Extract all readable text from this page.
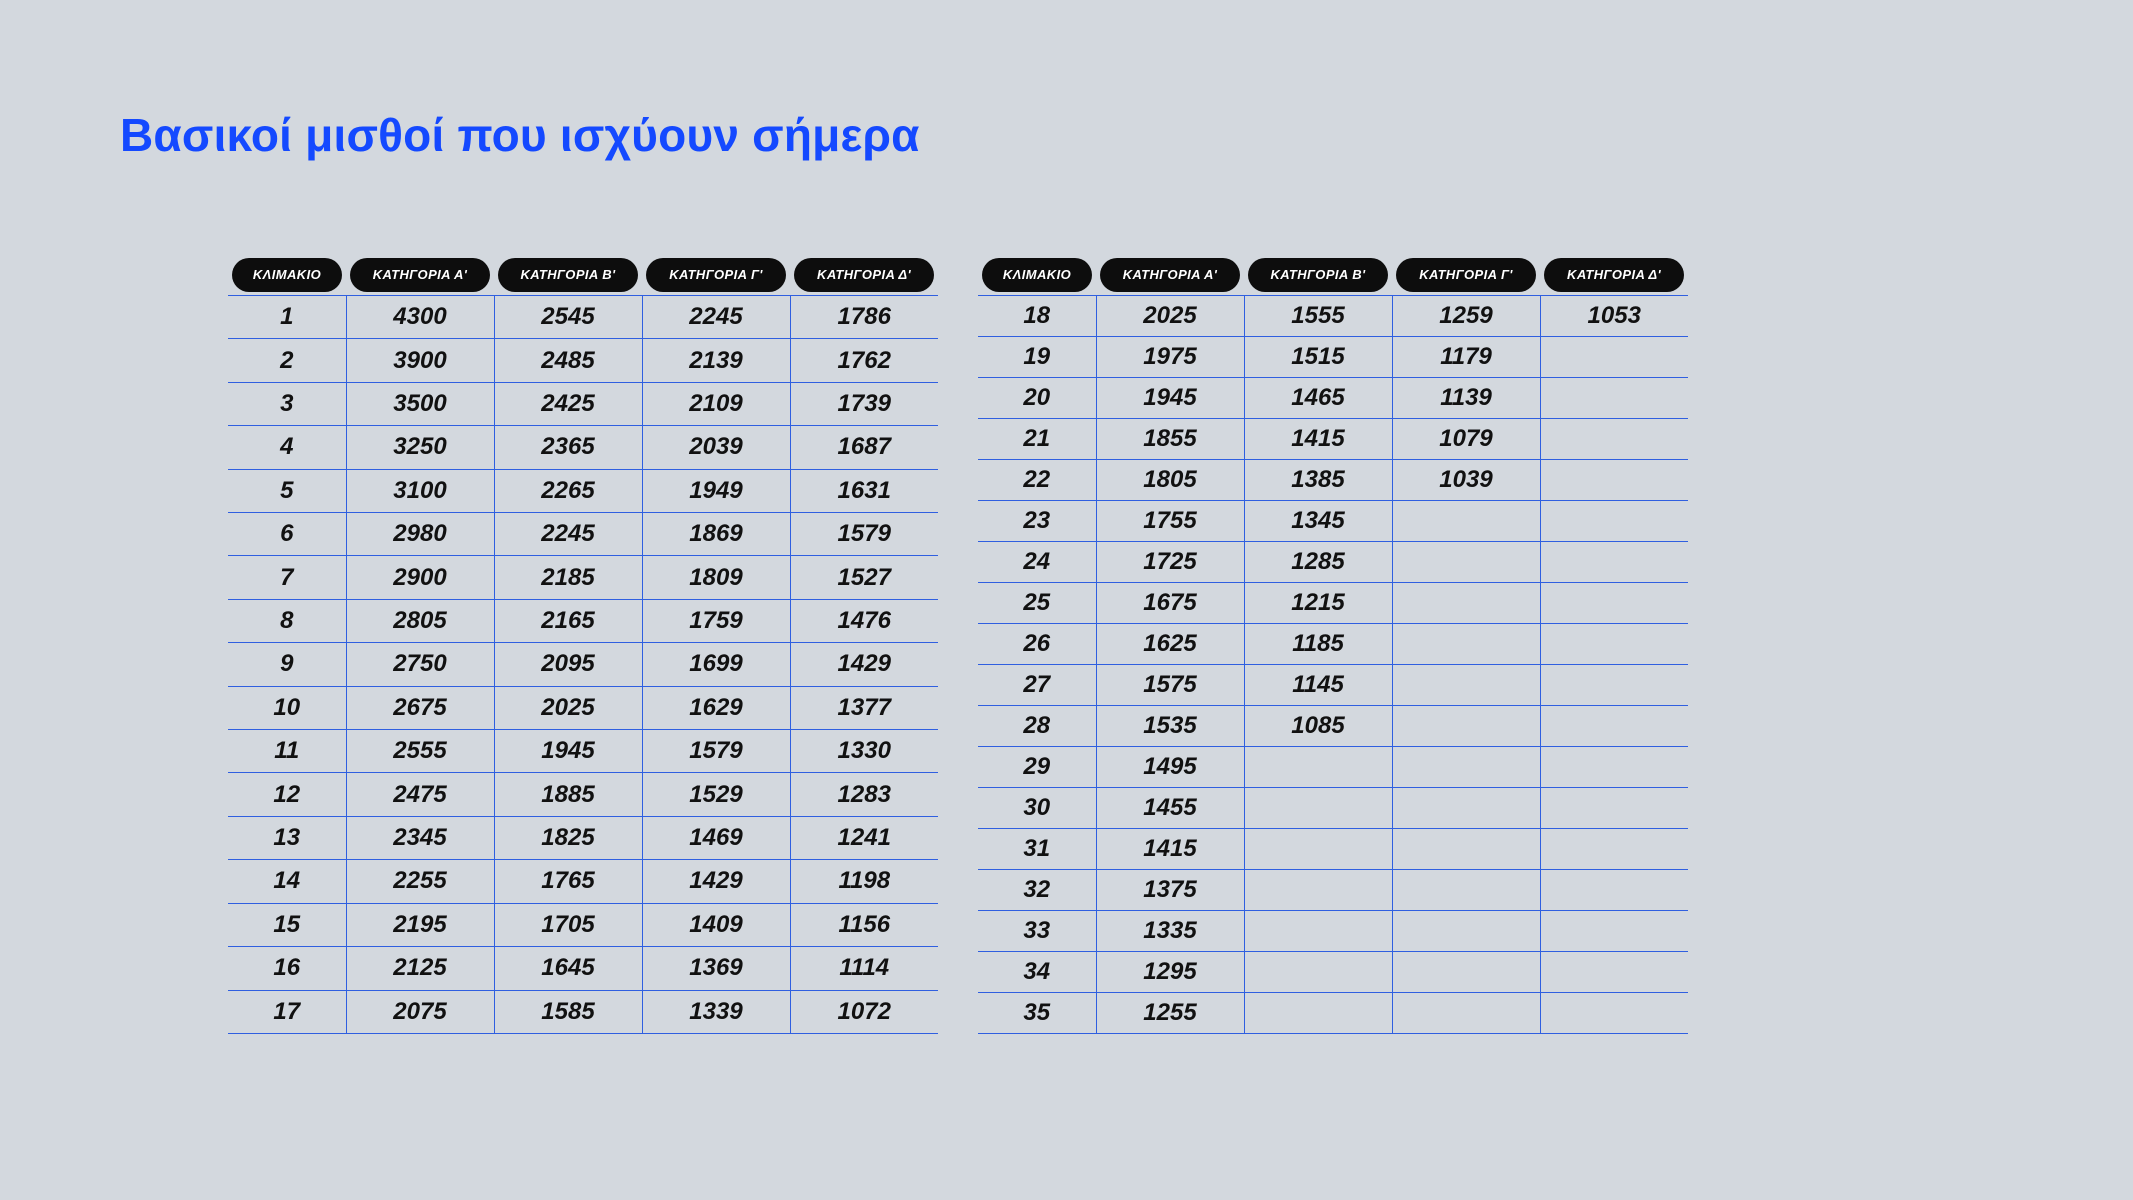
Βασικοί μισθοί που ισχύουν σήμερα
ΚΛΙΜΑΚΙΟ	ΚΑΤΗΓΟΡΙΑ Α'	ΚΑΤΗΓΟΡΙΑ Β'	ΚΑΤΗΓΟΡΙΑ Γ'	ΚΑΤΗΓΟΡΙΑ Δ'

1	4300	2545	2245	1786
2	3900	2485	2139	1762
3	3500	2425	2109	1739
4	3250	2365	2039	1687
5	3100	2265	1949	1631
6	2980	2245	1869	1579
7	2900	2185	1809	1527
8	2805	2165	1759	1476
9	2750	2095	1699	1429
10	2675	2025	1629	1377
11	2555	1945	1579	1330
12	2475	1885	1529	1283
13	2345	1825	1469	1241
14	2255	1765	1429	1198
15	2195	1705	1409	1156
16	2125	1645	1369	1114
17	2075	1585	1339	1072
ΚΛΙΜΑΚΙΟ	ΚΑΤΗΓΟΡΙΑ Α'	ΚΑΤΗΓΟΡΙΑ Β'	ΚΑΤΗΓΟΡΙΑ Γ'	ΚΑΤΗΓΟΡΙΑ Δ'

18	2025	1555	1259	1053
19	1975	1515	1179	
20	1945	1465	1139	
21	1855	1415	1079	
22	1805	1385	1039	
23	1755	1345		
24	1725	1285		
25	1675	1215		
26	1625	1185		
27	1575	1145		
28	1535	1085		
29	1495			
30	1455			
31	1415			
32	1375			
33	1335			
34	1295			
35	1255			
